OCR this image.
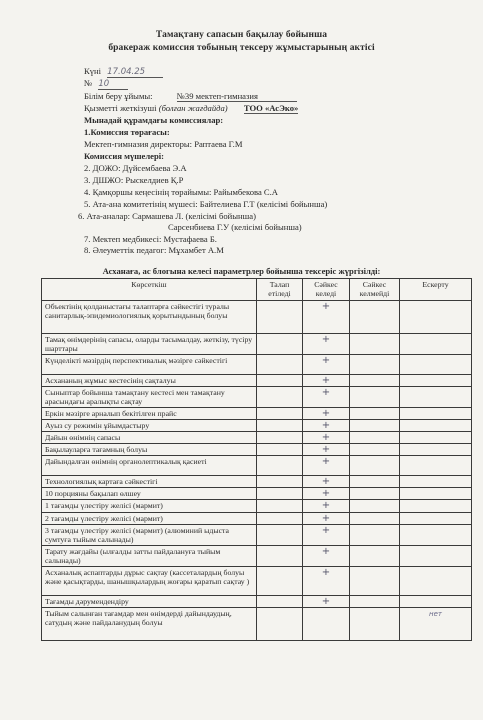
Тамақтану сапасын бақылау бойынша
бракераж комиссия тобының тексеру жұмыстарының актісі
Күні 17.04.25
№ 10
Білім беру ұйымы:	№39 мектеп-гимназия
Қызметті жеткізуші (болған жағдайда) ТОО «АсЭко»
Мынадай құрамдағы комиссиялар:
1.Комиссия төрағасы:
Мектеп-гимназия директоры: Раптаева Г.М
Комиссия мүшелері:
2. ДОЖО: Дүйсембаева Э.А
3. ДШЖО: Рыскелдиев Қ.Р
4. Қамқоршы кеңесінің төрайымы: Райымбекова С.А
5. Ата-ана комитетінің мүшесі: Байтелиева Г.Т (келісімі бойынша)
6. Ата-аналар: Сармашева Л. (келісімі бойынша)
Сарсенбиева Г.У (келісімі бойынша)
7. Мектеп медбикесі: Мустафаева Б.
8. Әлеуметтік педагог: Мұхамбет А.М
Асханаға, ас блогына келесі параметрлер бойынша тексеріс жүргізілді:
Көрсеткіш	Талап етіледі	Сәйкес келеді	Сәйкес келмейді	Ескерту
Объектінің қолданыстағы талаптарға сәйкестігі туралы санитарлық-эпидемиологиялық қорытындының болуы		+		
Тамақ өнімдерінің сапасы, оларды тасымалдау, жеткізу, түсіру шарттары		+		
Күнделікті мәзірдің перспективалық мәзірге сәйкестігі		+		
Асхананың жұмыс кестесінің сақталуы		+		
Сыныптар бойынша тамақтану кестесі мен тамақтану арасындағы аралықты сақтау		+		
Еркін мәзірге арналып бекітілген прайс		+		
Ауыз су режимін ұйымдастыру		+		
Дайын өнімнің сапасы		+		
Бақылауларға тағамның болуы		+		
Дайындалған өнімнің органолептикалық қасиеті		+		
Технологиялық картаға сәйкестігі		+		
10 порцияны бақылап өлшеу		+		
1 тағамды үлестіру желісі (мармит)		+		
2 тағамды үлестіру желісі (мармит)		+		
3 тағамды үлестіру желісі (мармит) (алюминий ыдыста сумтуға тыйым салынады)		+		
Тарату жағдайы (ылғалды затты пайдалануға тыйым салынады)		+		
Асханалық аспаптарды дұрыс сақтау (кассеталардың болуы және қасықтарды, шанышқылардың жоғары қаратып сақтау )		+		
Тағамды дәрумендендіру		+		
Тыйым салынған тағамдар мен өнімдерді дайындаудың, сатудың және пайдаланудың болуы				нет
